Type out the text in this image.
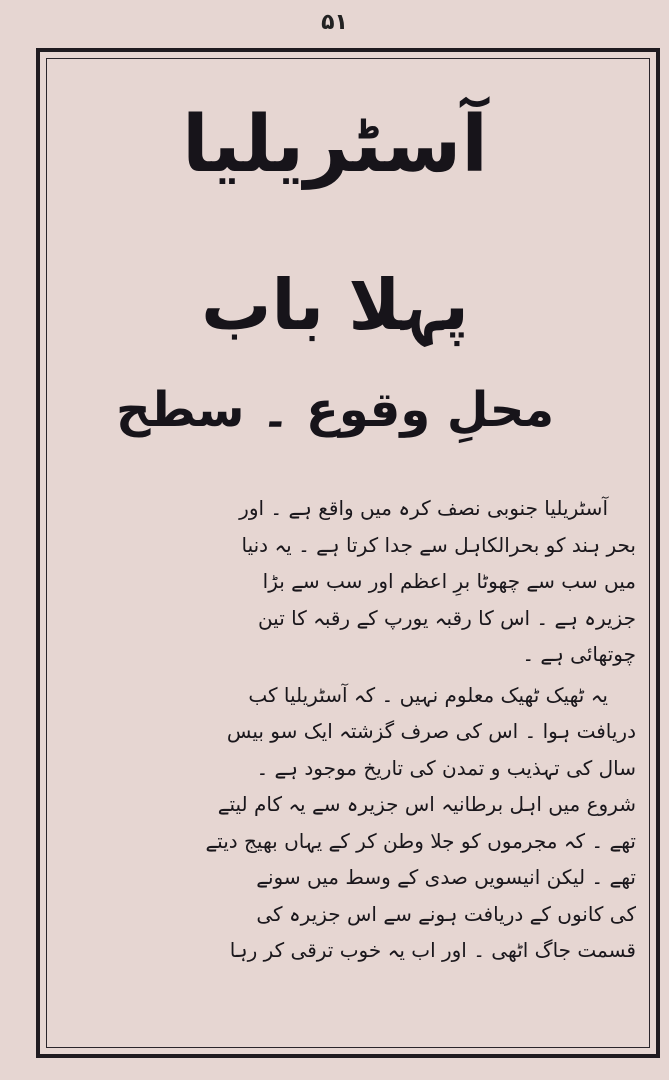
۵۱
آسٹریلیا
پہلا باب
محلِ وقوع ۔ سطح
آسٹریلیا جنوبی نصف کرہ میں واقع ہے ۔ اور
بحر ہند کو بحرالکاہل سے جدا کرتا ہے ۔ یہ دنیا
میں سب سے چھوٹا برِ اعظم اور سب سے بڑا
جزیرہ ہے ۔ اس کا رقبہ یورپ کے رقبہ کا تین
چوتھائی ہے ۔
یہ ٹھیک ٹھیک معلوم نہیں ۔ کہ آسٹریلیا کب
دریافت ہوا ۔ اس کی صرف گزشتہ ایک سو بیس
سال کی تہذیب و تمدن کی تاریخ موجود ہے ۔
شروع میں اہل برطانیہ اس جزیرہ سے یہ کام لیتے
تھے ۔ کہ مجرموں کو جلا وطن کر کے یہاں بھیج دیتے
تھے ۔ لیکن انیسویں صدی کے وسط میں سونے
کی کانوں کے دریافت ہونے سے اس جزیرہ کی
قسمت جاگ اٹھی ۔ اور اب یہ خوب ترقی کر رہا
